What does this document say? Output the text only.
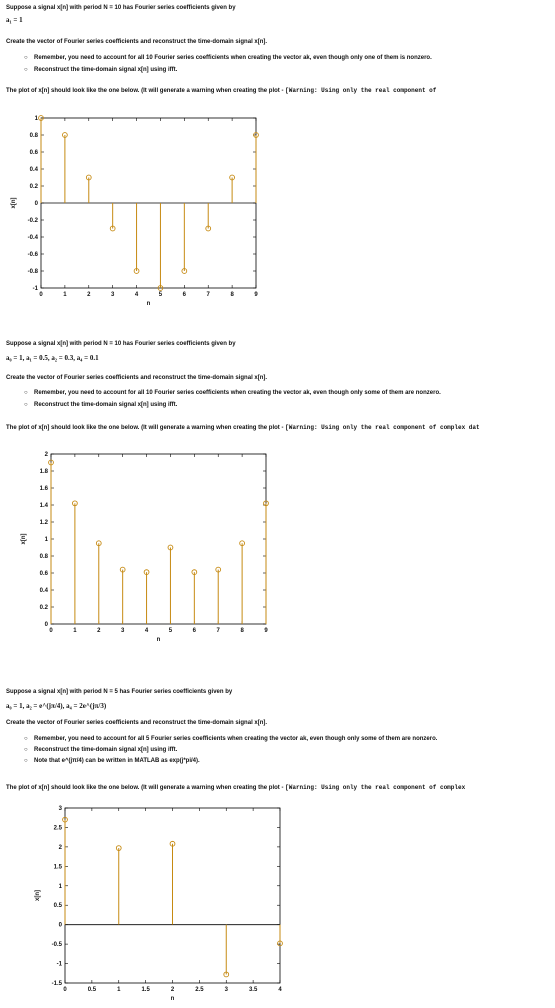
Suppose a signal x[n] with period N = 10 has Fourier series coefficients given by
a₁ = 1
Create the vector of Fourier series coefficients and reconstruct the time-domain signal x[n].
○ Remember, you need to account for all 10 Fourier series coefficients when creating the vector ak, even though only one of them is nonzero.
○ Reconstruct the time-domain signal x[n] using ifft.
The plot of x[n] should look like the one below. (It will generate a warning when creating the plot - [Warning: Using only the real component of
1
0.8
0.6
0.4
0.2
0
-0.2
-0.4
-0.6
-0.8
-1
0	1	2	3	4	5	6	7	8	9
n
x[n]
Suppose a signal x[n] with period N = 10 has Fourier series coefficients given by
a₀ = 1, a₁ = 0.5, a₂ = 0.3, a₄ = 0.1
Create the vector of Fourier series coefficients and reconstruct the time-domain signal x[n].
○ Remember, you need to account for all 10 Fourier series coefficients when creating the vector ak, even though only some of them are nonzero.
○ Reconstruct the time-domain signal x[n] using ifft.
The plot of x[n] should look like the one below. (It will generate a warning when creating the plot - [Warning: Using only the real component of complex dat
2
1.8
1.6
1.4
1.2
1
0.8
0.6
0.4
0.2
0
0	1	2	3	4	5	6	7	8	9
n
x[n]
Suppose a signal x[n] with period N = 5 has Fourier series coefficients given by
a₀ = 1, a₂ = e^(jπ/4), a₄ = 2e^(jπ/3)
Create the vector of Fourier series coefficients and reconstruct the time-domain signal x[n].
○ Remember, you need to account for all 5 Fourier series coefficients when creating the vector ak, even though only some of them are nonzero.
○ Reconstruct the time-domain signal x[n] using ifft.
○ Note that e^(jπ/4) can be written in MATLAB as exp(j*pi/4).
The plot of x[n] should look like the one below. (It will generate a warning when creating the plot - [Warning: Using only the real component of complex
3
2.5
2
1.5
1
0.5
0
-0.5
-1
-1.5
0	0.5	1	1.5	2	2.5	3	3.5	4
n
x[n]
